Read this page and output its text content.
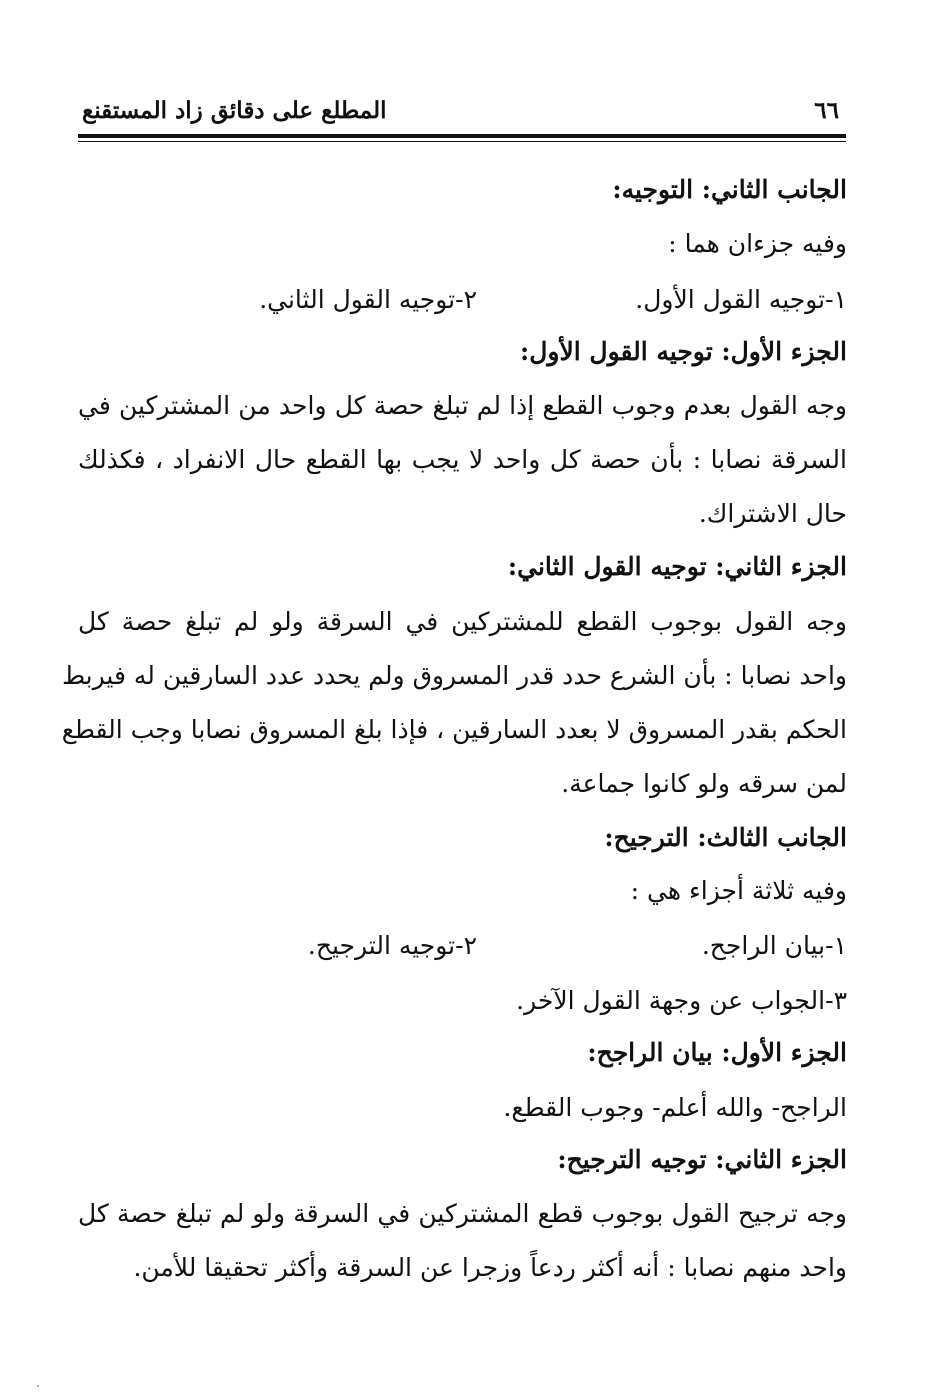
٦٦
المطلع على دقائق زاد المستقنع
الجانب الثاني: التوجيه:
وفيه جزءان هما :
١-توجيه القول الأول.
٢-توجيه القول الثاني.
الجزء الأول: توجيه القول الأول:
وجه القول بعدم وجوب القطع إذا لم تبلغ حصة كل واحد من المشتركين في
السرقة نصابا : بأن حصة كل واحد لا يجب بها القطع حال الانفراد ، فكذلك
حال الاشتراك.
الجزء الثاني: توجيه القول الثاني:
وجه القول بوجوب القطع للمشتركين في السرقة ولو لم تبلغ حصة كل
واحد نصابا : بأن الشرع حدد قدر المسروق ولم يحدد عدد السارقين له فيربط
الحكم بقدر المسروق لا بعدد السارقين ، فإذا بلغ المسروق نصابا وجب القطع
لمن سرقه ولو كانوا جماعة.
الجانب الثالث: الترجيح:
وفيه ثلاثة أجزاء هي :
١-بيان الراجح.
٢-توجيه الترجيح.
٣-الجواب عن وجهة القول الآخر.
الجزء الأول: بيان الراجح:
الراجح- والله أعلم- وجوب القطع.
الجزء الثاني: توجيه الترجيح:
وجه ترجيح القول بوجوب قطع المشتركين في السرقة ولو لم تبلغ حصة كل
واحد منهم نصابا : أنه أكثر ردعاً وزجرا عن السرقة وأكثر تحقيقا للأمن.
